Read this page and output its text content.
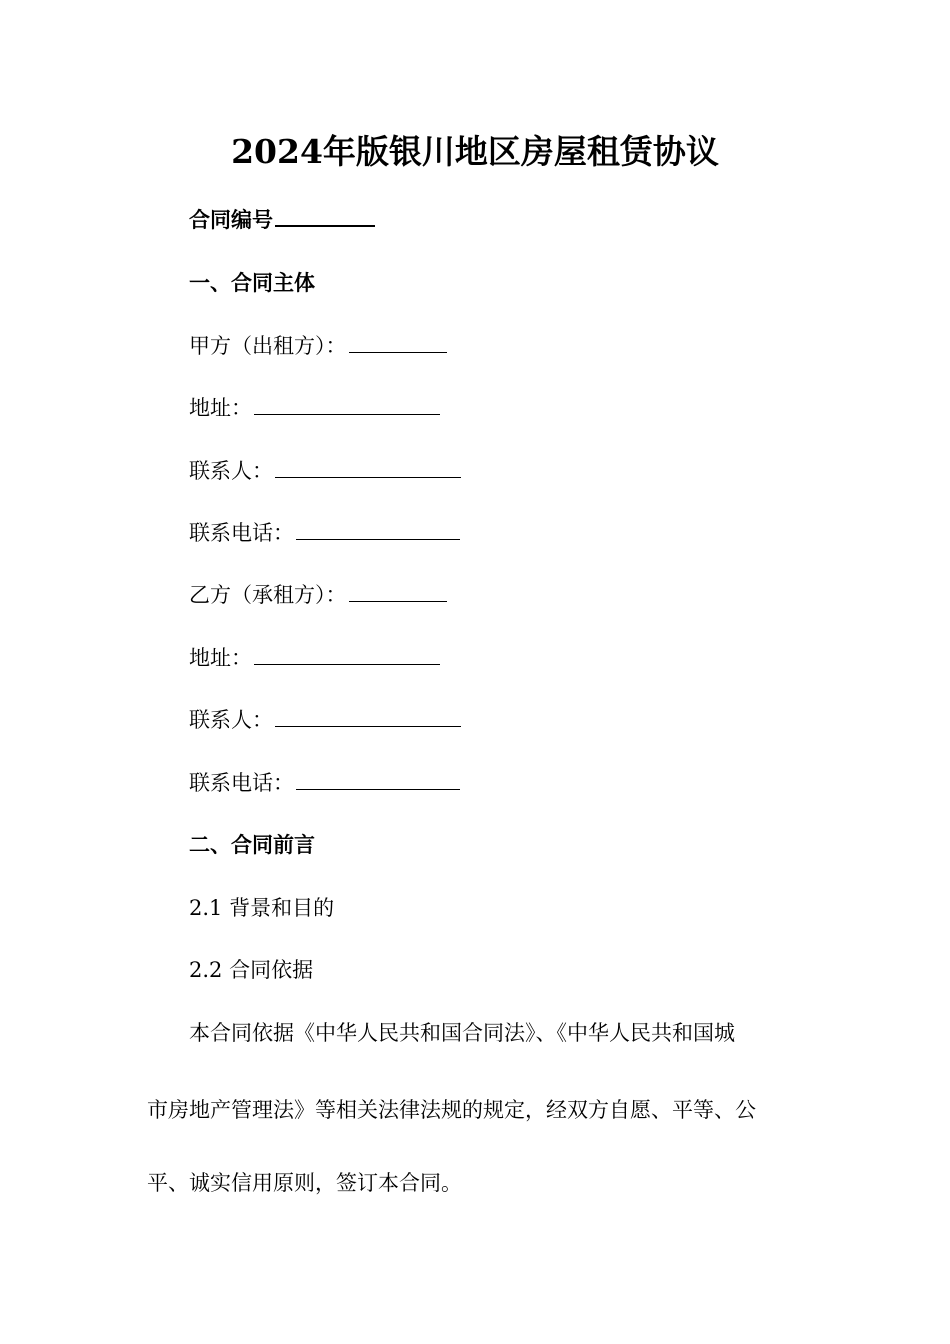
2024年版银川地区房屋租赁协议
合同编号
一、合同主体
甲方（出租方）：
地址：
联系人：
联系电话：
乙方（承租方）：
地址：
联系人：
联系电话：
二、合同前言
2.1 背景和目的
2.2 合同依据
本合同依据《中华人民共和国合同法》、《中华人民共和国城
市房地产管理法》等相关法律法规的规定，经双方自愿、平等、公
平、诚实信用原则，签订本合同。
